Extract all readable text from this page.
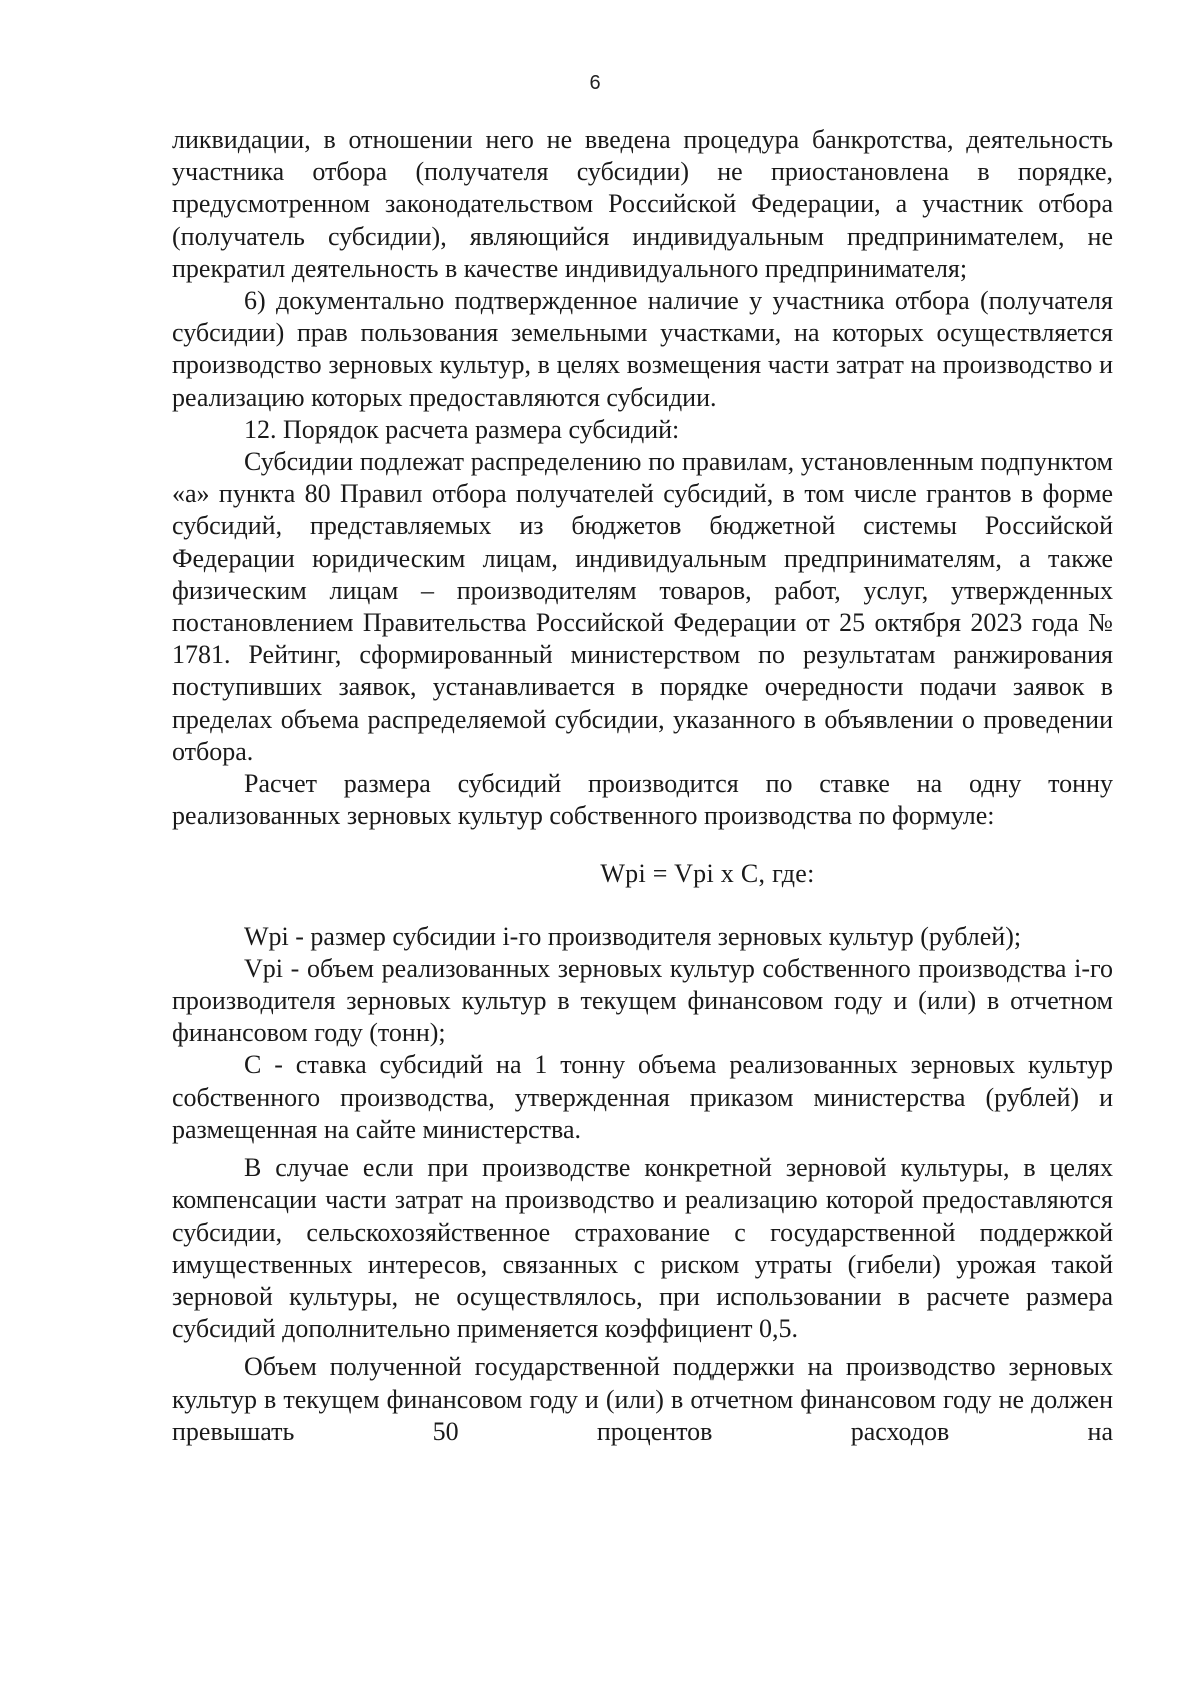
6

ликвидации, в отношении него не введена процедура банкротства, деятельность участника отбора (получателя субсидии) не приостановлена в порядке, предусмотренном законодательством Российской Федерации, а участник отбора (получатель субсидии), являющийся индивидуальным предпринимателем, не прекратил деятельность в качестве индивидуального предпринимателя;

6) документально подтвержденное наличие у участника отбора (получателя субсидии) прав пользования земельными участками, на которых осуществляется производство зерновых культур, в целях возмещения части затрат на производство и реализацию которых предоставляются субсидии.

12. Порядок расчета размера субсидий:

Субсидии подлежат распределению по правилам, установленным подпунктом «а» пункта 80 Правил отбора получателей субсидий, в том числе грантов в форме субсидий, представляемых из бюджетов бюджетной системы Российской Федерации юридическим лицам, индивидуальным предпринимателям, а также физическим лицам – производителям товаров, работ, услуг, утвержденных постановлением Правительства Российской Федерации от 25 октября 2023 года № 1781. Рейтинг, сформированный министерством по результатам ранжирования поступивших заявок, устанавливается в порядке очередности подачи заявок в пределах объема распределяемой субсидии, указанного в объявлении о проведении отбора.

Расчет размера субсидий производится по ставке на одну тонну реализованных зерновых культур собственного производства по формуле:

Wpi = Vpi x C, где:

Wpi - размер субсидии i-го производителя зерновых культур (рублей);

Vpi - объем реализованных зерновых культур собственного производства i-го производителя зерновых культур в текущем финансовом году и (или) в отчетном финансовом году (тонн);

С - ставка субсидий на 1 тонну объема реализованных зерновых культур собственного производства, утвержденная приказом министерства (рублей) и размещенная на сайте министерства.

В случае если при производстве конкретной зерновой культуры, в целях компенсации части затрат на производство и реализацию которой предоставляются субсидии, сельскохозяйственное страхование с государственной поддержкой имущественных интересов, связанных с риском утраты (гибели) урожая такой зерновой культуры, не осуществлялось, при использовании в расчете размера субсидий дополнительно применяется коэффициент 0,5.

Объем полученной государственной поддержки на производство зерновых культур в текущем финансовом году и (или) в отчетном финансовом году не должен превышать 50 процентов расходов на
